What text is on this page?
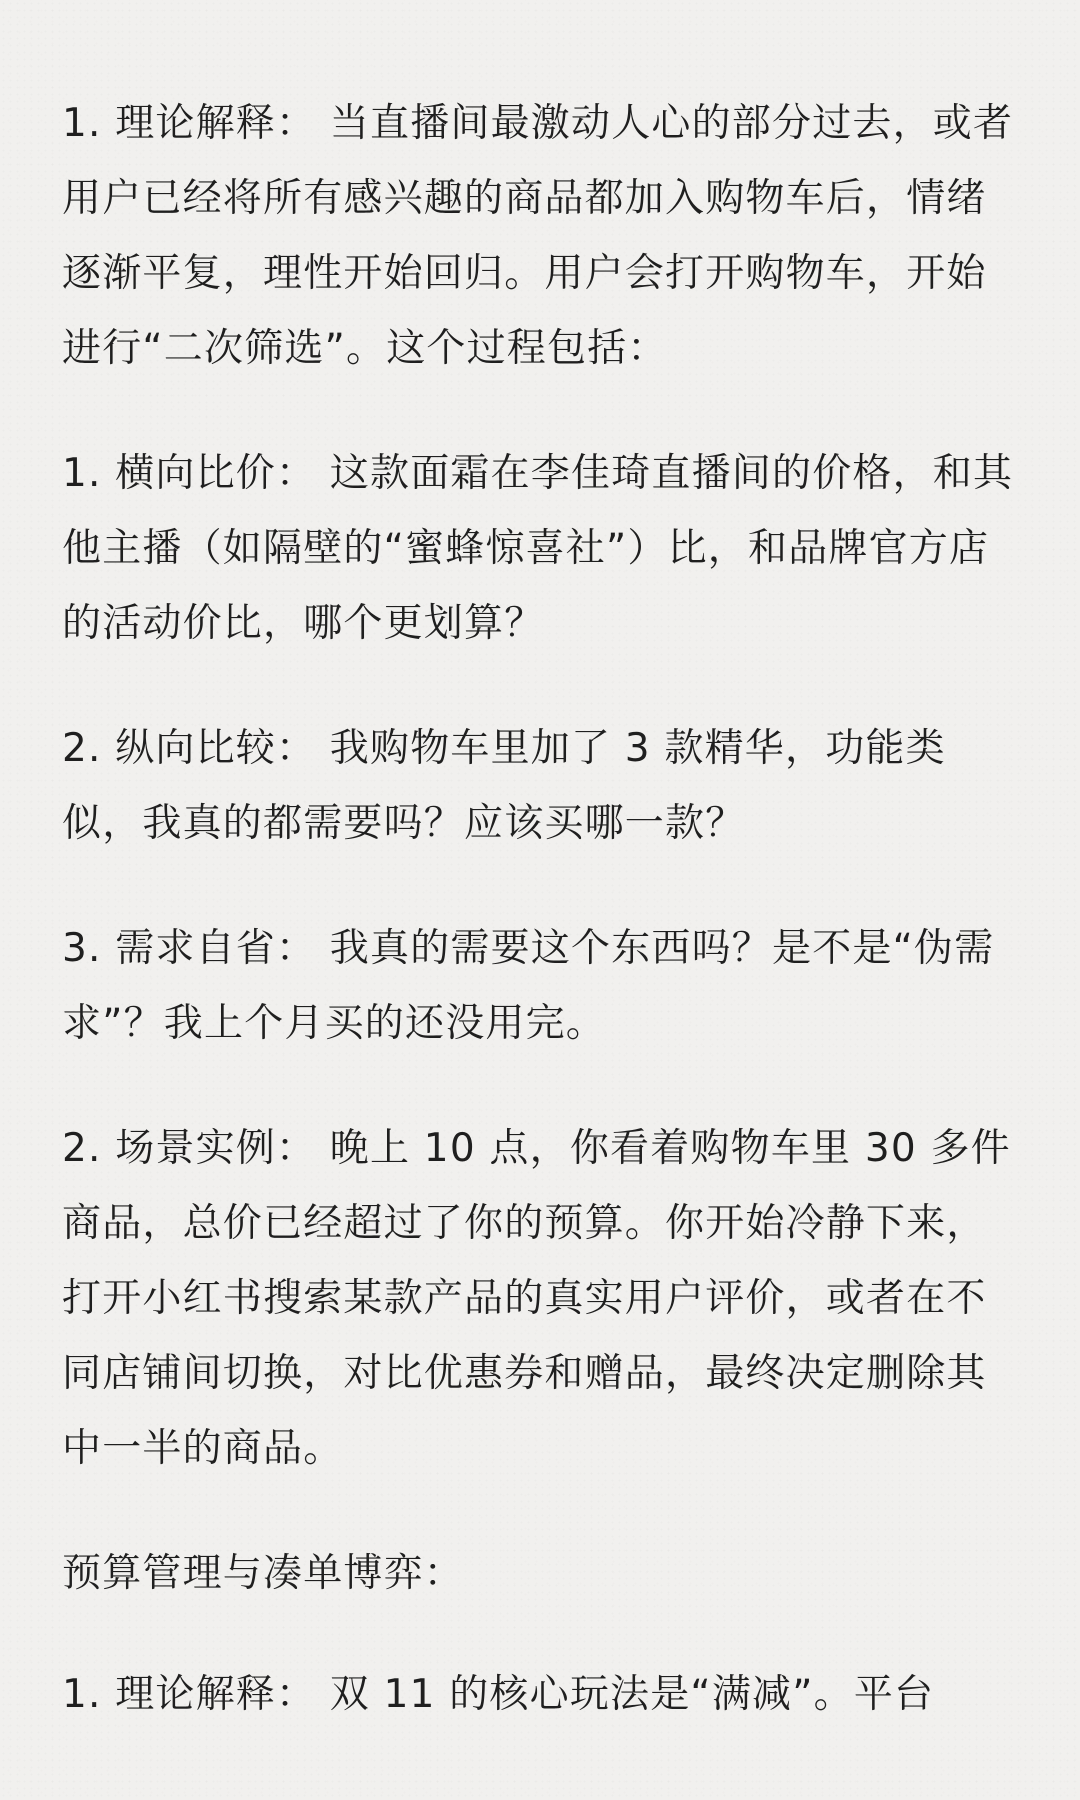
1. 理论解释： 当直播间最激动人心的部分过去，或者用户已经将所有感兴趣的商品都加入购物车后，情绪逐渐平复，理性开始回归。用户会打开购物车，开始进行“二次筛选”。这个过程包括：

1. 横向比价： 这款面霜在李佳琦直播间的价格，和其他主播（如隔壁的“蜜蜂惊喜社”）比，和品牌官方店的活动价比，哪个更划算？

2. 纵向比较： 我购物车里加了 3 款精华，功能类似，我真的都需要吗？应该买哪一款？

3. 需求自省： 我真的需要这个东西吗？是不是“伪需求”？我上个月买的还没用完。

2. 场景实例： 晚上 10 点，你看着购物车里 30 多件商品，总价已经超过了你的预算。你开始冷静下来，打开小红书搜索某款产品的真实用户评价，或者在不同店铺间切换，对比优惠券和赠品，最终决定删除其中一半的商品。

预算管理与凑单博弈：

1. 理论解释： 双 11 的核心玩法是“满减”。平台
